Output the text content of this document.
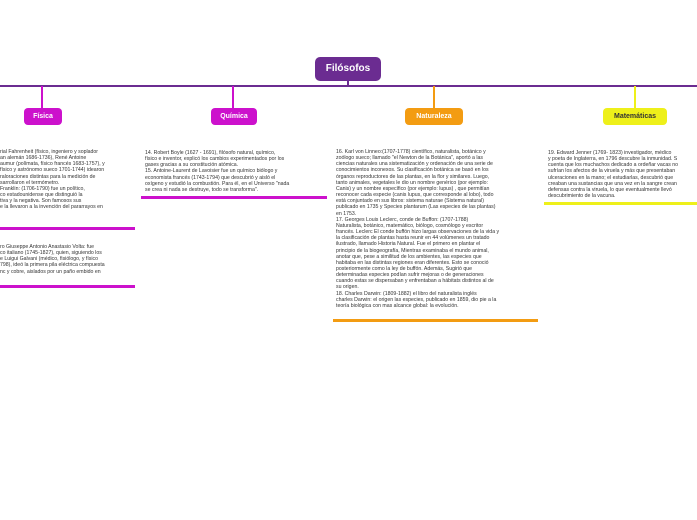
Filósofos
Física	Química	Naturaleza	Matemáticas
rial Fahrenheit (físico, ingeniero y soplador
an alemán 1686-1736), René Antoine
aumur (polímata, físico francés 1683-1757), y
físico y astrónomo sueco 1701-1744) idearon
raloraciones distintas para la medición de
sarrollaron el termómetro.
Franklin: (1706-1790) fue un político,
co estadounidense que distinguió la
tiva y la negativa. Son famosos sus
e la llevaron a la invención del pararrayos en
ro Giuseppe Antonio Anastasio Volta: fue
co italiano (1745-1827), quien, siguiendo los
e Luigui Galvani (médico, fisiólogo, y físico
798), ideó la primera pila eléctrica compuesta
nc y cobre, aislados por un paño embido en
14. Robert Boyle (1627 - 1691), filósofo natural, químico,
físico e inventor, explicó los cambios experimentados por los
gases gracias a su constitución atómica.
15. Antoine-Laurent de Lavoisier fue un químico biólogo y
economista francés (1743-1794) que descubrió y aisló el
oxígeno y estudió la combustión. Para él, en el Universo "nada
se crea ni nada se destruye, todo se transforma".
16. Karl von Linneo:(1707-1778) científico, naturalista, botánico y
zoólogo sueco; llamado "el Newton de la Botánica", aportó a las
ciencias naturales una sistematización y ordenación de una serie de
conocimientos inconexos. Su clasificación botánica se basó en los
órganos reproductores de las plantas, en la flor y similares. Luego,
tanto animales, vegetales le dio un nombre genérico (por ejemplo:
Canis) y un nombre específico (por ejemplo: lupus) , que permitían
reconocer cada especie (canis lupus, que corresponde al lobo), todo
está conjuntado en sus libros: sistema naturae (Sistema natural)
publicado en 1735 y Species plantarum (Las especies de las plantas)
en 1753.
17. Georges Louis Leclerc, conde de Buffon: (1707-1788)
Naturalista, botánico, matemático, biólogo, cosmólogo y escritor
francés. Leclerc El conde buffón hizo largas observaciones de la vida y
la clasificación de plantas hasta reunir en 44 volúmenes un tratado
ilustrado, llamado Historia Natural. Fue el primero en plantar el
principio de la biogeografía, Mientras examinaba el mundo animal,
anotar que, pese a similitud de los ambientes, las especies que
habitaba en las distintas regiones eran diferentes. Esto se conoció
posteriormente como la ley de buffón. Además, Sugirió que
determinadas especies podían sufrir mejoras o de generaciones
cuando estas se dispersaban y enfrentaban a hábitats distintos al de
su origen.
18. Charles Darwin: (1809-1882) el libro del naturalista inglés
charles Darwin: el origen las especies, publicado en 1859, dio pie a la
teoría biológica con mas alcance global: la evolución.
19. Edward Jenner (1769- 1823) investigador, médico
y poeta de Inglaterra, en 1796 descubre la inmunidad. S
cuenta que los muchachos dedicado a ordeñar vacas no
sufrían los afectos de la viruela y más que presentaban
ulceraciones en la mano; el estudiarlas, descubrió que
creaban una sustancias que una vez en la sangre crean
defensas contra la viruela, lo que eventualmente llevó
descubrimiento de la vacuna.
